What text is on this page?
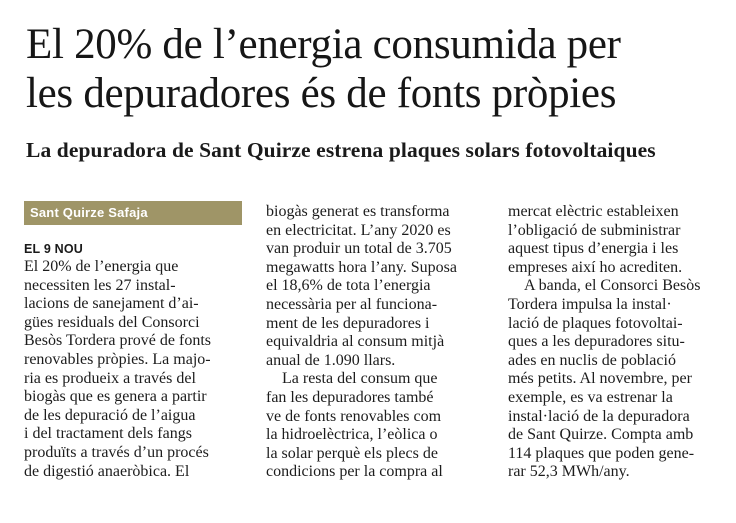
El 20% de l’energia consumida per
les depuradores és de fonts pròpies
La depuradora de Sant Quirze estrena plaques solars fotovoltaiques
Sant Quirze Safaja
EL 9 NOU
El 20% de l’energia que
necessiten les 27 instal-
lacions de sanejament d’ai-
gües residuals del Consorci
Besòs Tordera prové de fonts
renovables pròpies. La majo-
ria es produeix a través del
biogàs que es genera a partir
de les depuració de l’aigua
i del tractament dels fangs
produïts a través d’un procés
de digestió anaeròbica. El
biogàs generat es transforma
en electricitat. L’any 2020 es
van produir un total de 3.705
megawatts hora l’any. Suposa
el 18,6% de tota l’energia
necessària per al funciona-
ment de les depuradores i
equivaldria al consum mitjà
anual de 1.090 llars.
La resta del consum que
fan les depuradores també
ve de fonts renovables com
la hidroelèctrica, l’eòlica o
la solar perquè els plecs de
condicions per la compra al
mercat elèctric estableixen
l’obligació de subministrar
aquest tipus d’energia i les
empreses així ho acrediten.
A banda, el Consorci Besòs
Tordera impulsa la instal·
lació de plaques fotovoltai-
ques a les depuradores situ-
ades en nuclis de població
més petits. Al novembre, per
exemple, es va estrenar la
instal·lació de la depuradora
de Sant Quirze. Compta amb
114 plaques que poden gene-
rar 52,3 MWh/any.
